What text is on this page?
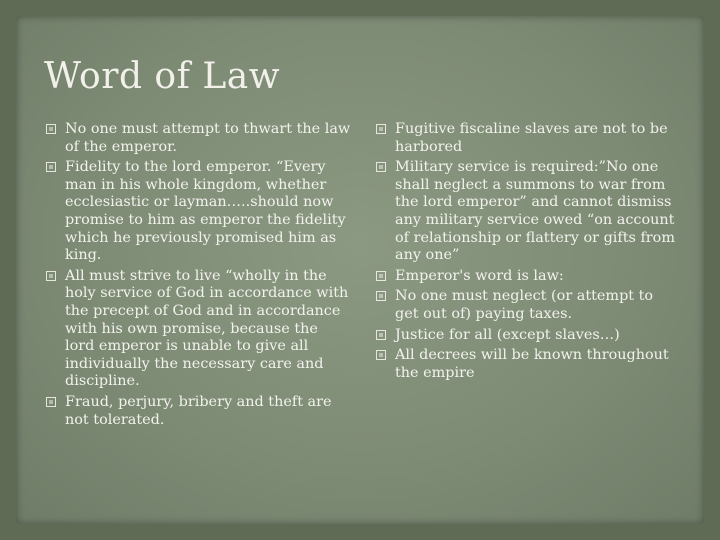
Word of Law
No one must attempt to thwart the law of the emperor.
Fidelity to the lord emperor. “Every man in his whole kingdom, whether ecclesiastic or layman…..should now promise to him as emperor the fidelity which he previously promised him as king.
All must strive to live “wholly in the holy service of God in accordance with the precept of God and in accordance with his own promise, because the lord emperor is unable to give all individually the necessary care and discipline.
Fraud, perjury, bribery and theft are not tolerated.
Fugitive fiscaline slaves are not to be harbored
Military service is required:”No one shall neglect a summons to war from the lord emperor” and cannot dismiss any military service owed “on account of relationship or flattery or gifts from any one”
Emperor's word is law:
No one must neglect (or attempt to get out of) paying taxes.
Justice for all (except slaves…)
All decrees will be known throughout the empire
